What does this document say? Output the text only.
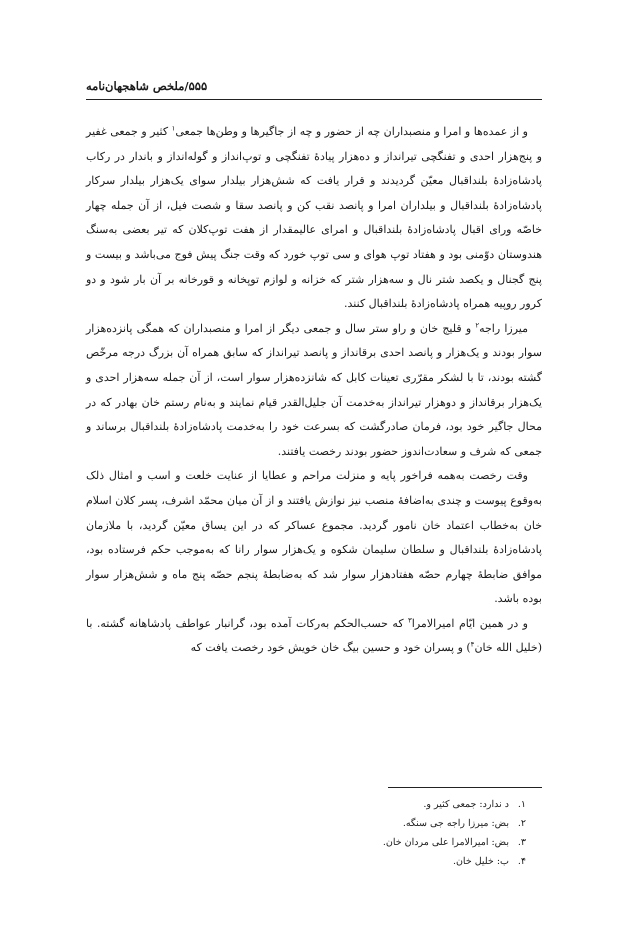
۵۵۵/ملخص شاهجهان‌نامه

و از عمده‌ها و امرا و منصبداران چه از حضور و چه از جاگیرها و وطن‌ها جمعی$^۱$ کثیر و جمعی غفیر و پنج‌هزار احدی و تفنگچی تیرانداز و ده‌هزار پیادهٔ تفنگچی و توپ‌انداز و گوله‌انداز و باندار در رکاب پادشاه‌زادهٔ بلنداقبال معیّن گردیدند و قرار یافت که شش‌هزار بیلدار سوای یک‌هزار بیلدار سرکار پادشاه‌زادهٔ بلنداقبال و بیلداران امرا و پانصد نقب کن و پانصد سقا و شصت فیل، از آن جمله چهار خاصّه ورای اقبال پادشاه‌زادهٔ بلنداقبال و امرای عالیمقدار از هفت توپ‌کلان که تیر بعضی به‌سنگ هندوستان دوّمنی بود و هفتاد توپ هوای و سی توپ خورد که وقت جنگ پیش فوج می‌باشد و بیست و پنج گجنال و یکصد شتر نال و سه‌هزار شتر که خزانه و لوازم توپخانه و قورخانه بر آن بار شود و دو کرور روپیه همراه پادشاه‌زادهٔ بلنداقبال کنند.

میرزا راجه$^۲$ و قلیج خان و راو ستر سال و جمعی دیگر از امرا و منصبداران که همگی پانزده‌هزار سوار بودند و یک‌هزار و پانصد احدی برقانداز و پانصد تیرانداز که سابق همراه آن بزرگ درجه مرخّص گشته بودند، تا با لشکر مقرّری تعینات کابل که شانزده‌هزار سوار است، از آن جمله سه‌هزار احدی و یک‌هزار برقانداز و دوهزار تیرانداز به‌خدمت آن جلیل‌القدر قیام نمایند و به‌نام رستم خان بهادر که در محال جاگیر خود بود، فرمان صادرگشت که بسرعت خود را به‌خدمت پادشاه‌زادهٔ بلنداقبال برساند و جمعی که شرف و سعادت‌اندوز حضور بودند رخصت یافتند.

وقت رخصت به‌همه فراخور پایه و منزلت مراحم و عطایا از عنایت خلعت و اسب و امثال ذلک به‌وقوع پیوست و چندی به‌اضافهٔ منصب نیز نوازش یافتند و از آن میان محمّد اشرف، پسر کلان اسلام خان به‌خطاب اعتماد خان نامور گردید. مجموع عساکر که در این یساق معیّن گردید، با ملازمان پادشاه‌زادهٔ بلنداقبال و سلطان سلیمان شکوه و یک‌هزار سوار رانا که به‌موجب حکم فرستاده بود، موافق ضابطهٔ چهارم حصّه هفتادهزار سوار شد که به‌ضابطهٔ پنجم حصّه پنج ماه و شش‌هزار سوار بوده باشد.

و در همین ایّام امیرالامرا$^۳$ که حسب‌الحکم به‌رکات آمده بود، گرانبار عواطف پادشاهانه گشته. با (خلیل الله خان$^۴$) و پسران خود و حسین بیگ خان خویش خود رخصت یافت که

۱. د ندارد: جمعی کثیر و.
۲. بض: میرزا راجه جی سنگه.
۳. بض: امیرالامرا علی مردان خان.
۴. ب: خلیل خان.
